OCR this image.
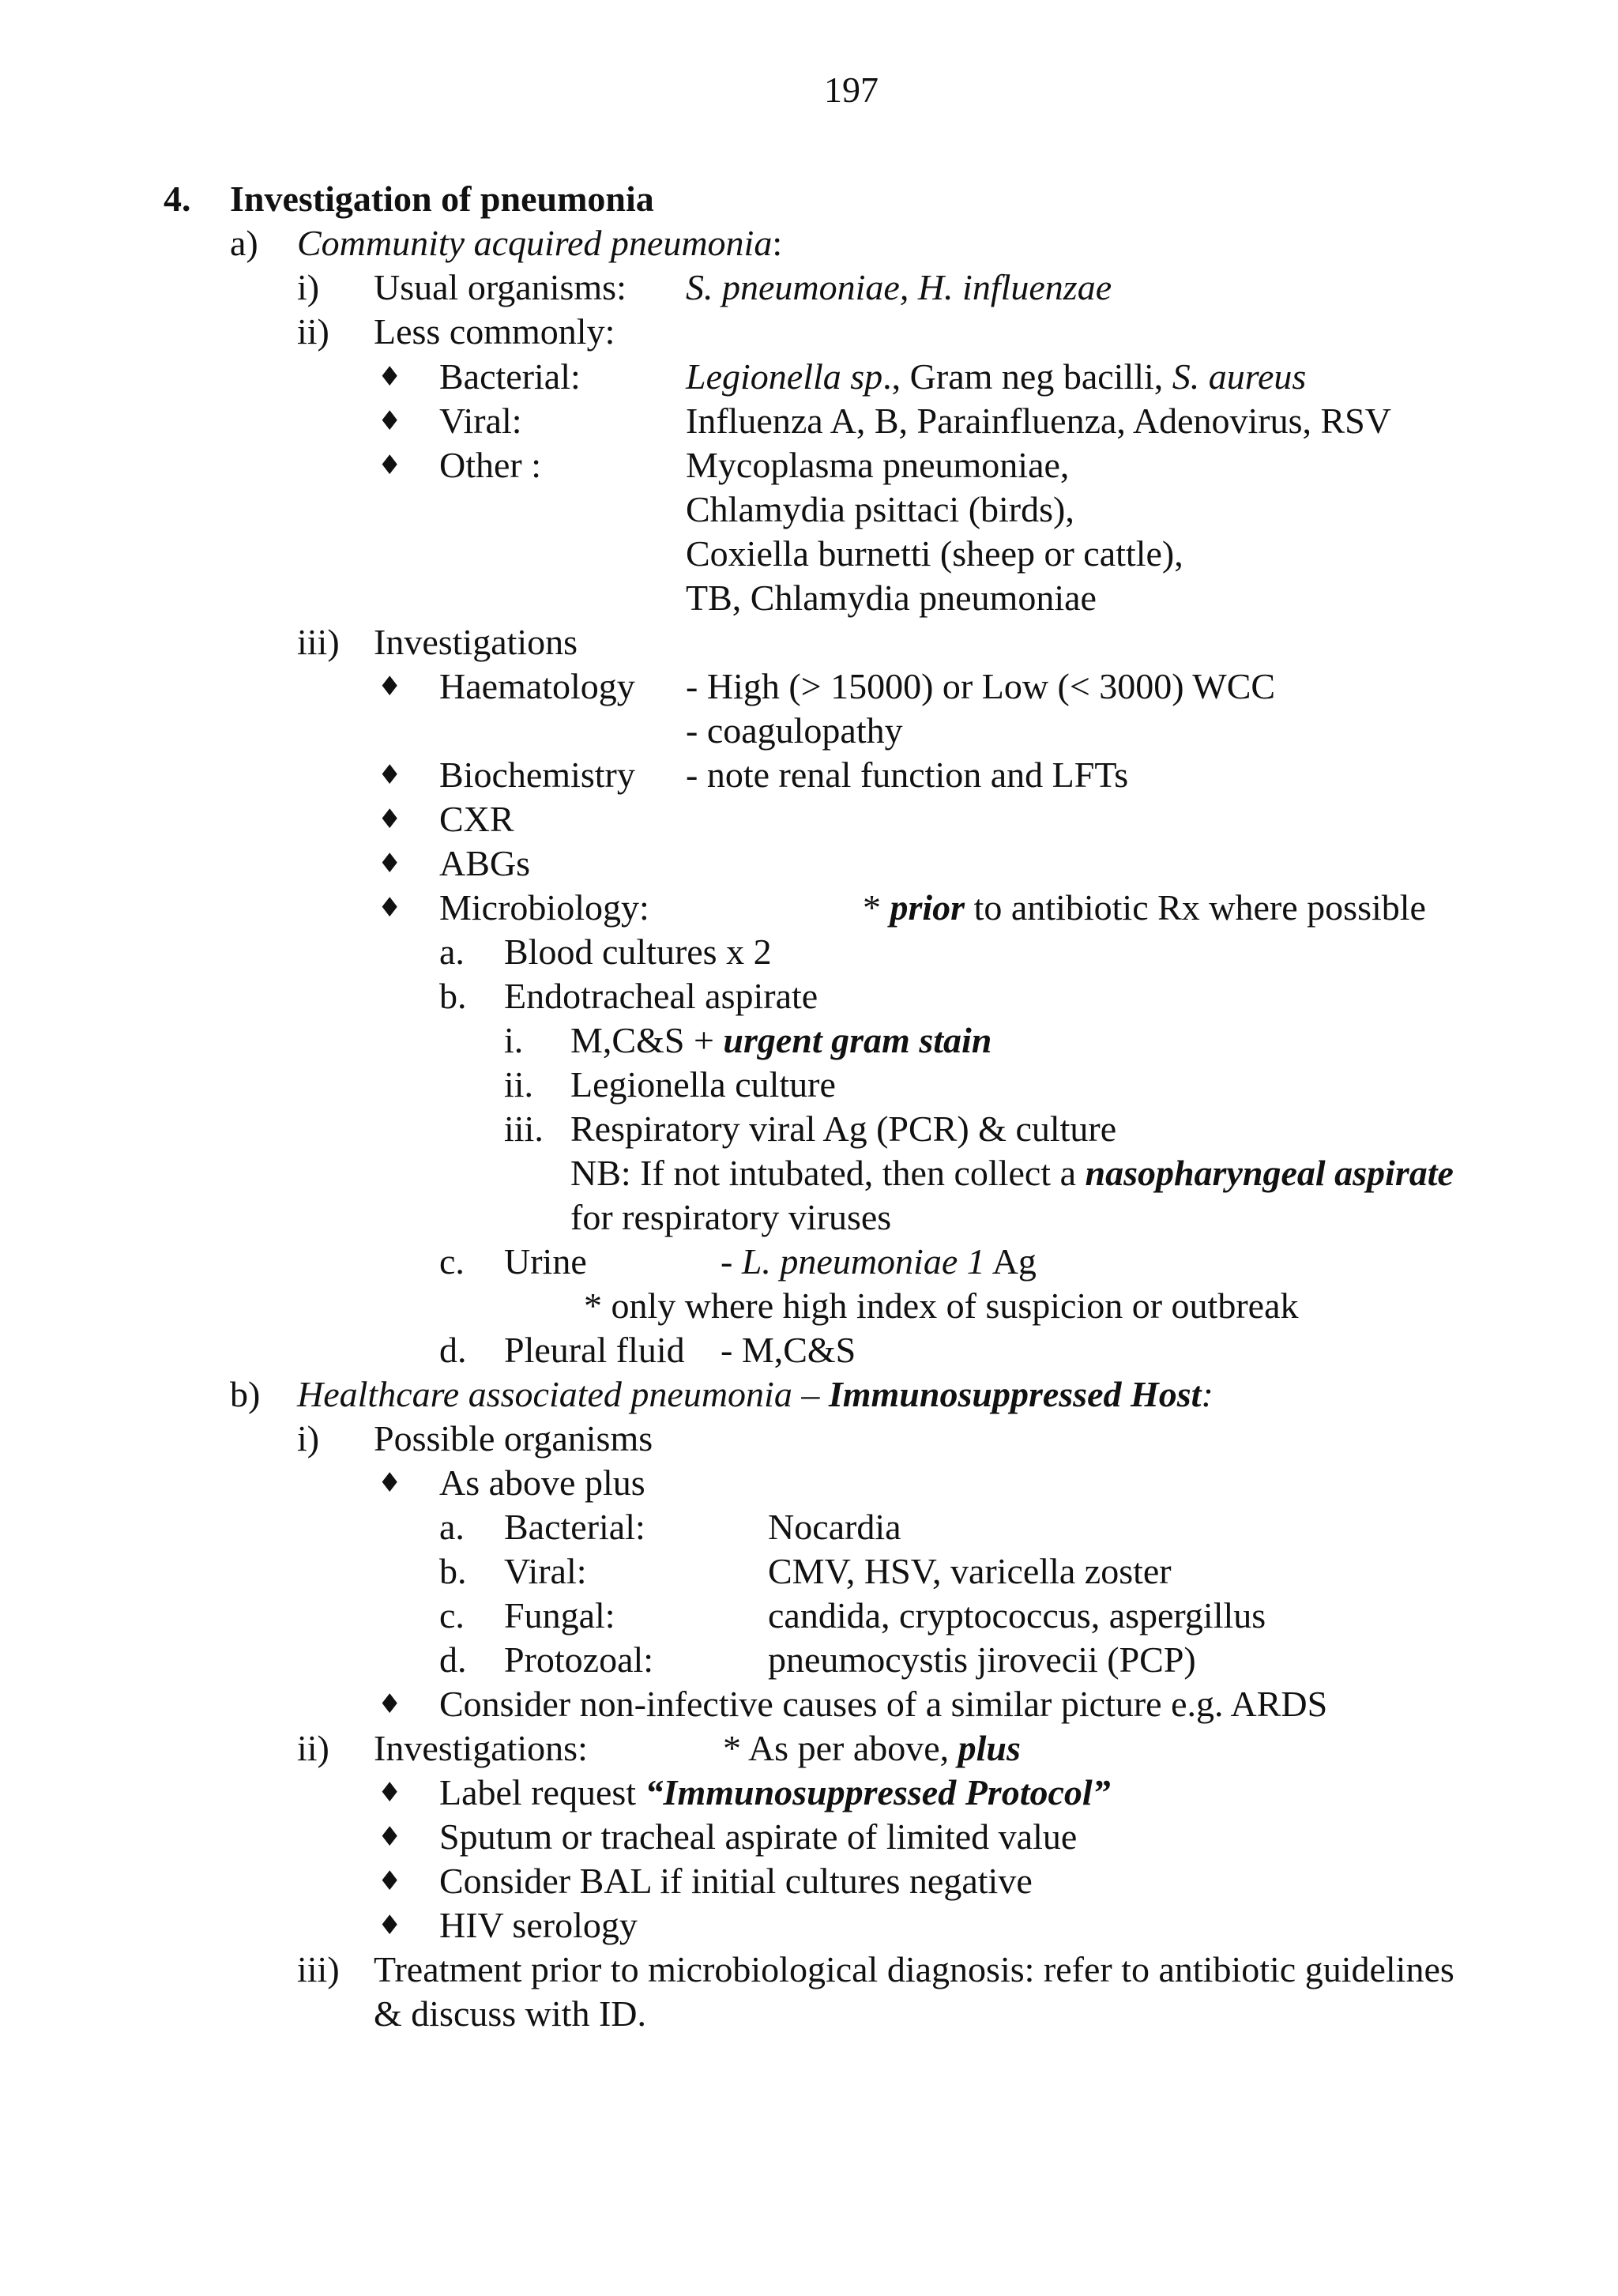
197
4. Investigation of pneumonia
a) Community acquired pneumonia:
i) Usual organisms: S. pneumoniae, H. influenzae
ii) Less commonly:
♦ Bacterial:	Legionella sp., Gram neg bacilli, S. aureus
♦ Viral:	Influenza A, B, Parainfluenza, Adenovirus, RSV
♦ Other :	Mycoplasma pneumoniae,
Chlamydia psittaci (birds),
Coxiella burnetti (sheep or cattle),
TB, Chlamydia pneumoniae
iii) Investigations
♦ Haematology - High (> 15000) or Low (< 3000) WCC
- coagulopathy
♦ Biochemistry - note renal function and LFTs
♦ CXR
♦ ABGs
♦ Microbiology:	* prior to antibiotic Rx where possible
a. Blood cultures x 2
b. Endotracheal aspirate
i. M,C&S + urgent gram stain
ii. Legionella culture
iii. Respiratory viral Ag (PCR) & culture
NB: If not intubated, then collect a nasopharyngeal aspirate
for respiratory viruses
c. Urine	- L. pneumoniae 1 Ag
* only where high index of suspicion or outbreak
d. Pleural fluid - M,C&S
b) Healthcare associated pneumonia – Immunosuppressed Host:
i) Possible organisms
♦ As above plus
a. Bacterial:	Nocardia
b. Viral:	CMV, HSV, varicella zoster
c. Fungal:	candida, cryptococcus, aspergillus
d. Protozoal:	pneumocystis jirovecii (PCP)
♦ Consider non-infective causes of a similar picture e.g. ARDS
ii) Investigations:	* As per above, plus
♦ Label request “Immunosuppressed Protocol”
♦ Sputum or tracheal aspirate of limited value
♦ Consider BAL if initial cultures negative
♦ HIV serology
iii) Treatment prior to microbiological diagnosis: refer to antibiotic guidelines
& discuss with ID.
